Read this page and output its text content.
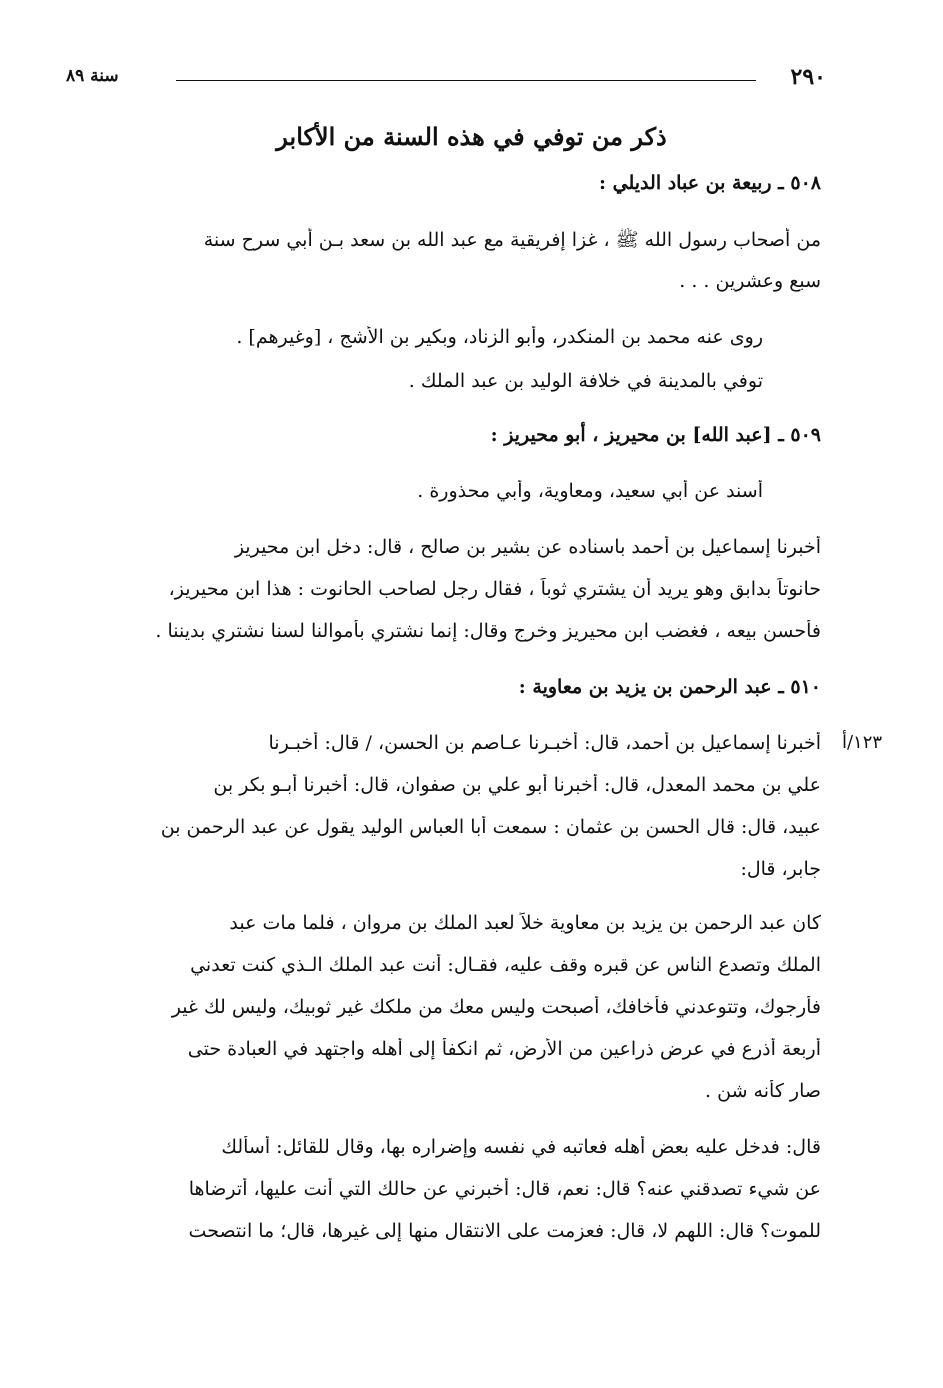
٢٩٠
سنة ٨٩
ذكر من توفي في هذه السنة من الأكابر
٥٠٨ ـ ربيعة بن عباد الديلي :
من أصحاب رسول الله ﷺ ، غزا إفريقية مع عبد الله بن سعد بـن أبي سرح سنة
سبع وعشرين . . .
روى عنه محمد بن المنكدر، وأبو الزناد، وبكير بن الأشج ، [وغيرهم] .
توفي بالمدينة في خلافة الوليد بن عبد الملك .
٥٠٩ ـ [عبد الله] بن محيريز ، أبو محيريز :
أسند عن أبي سعيد، ومعاوية، وأبي محذورة .
أخبرنا إسماعيل بن أحمد باسناده عن بشير بن صالح ، قال: دخل ابن محيريز
حانوتاً بدابق وهو يريد أن يشتري ثوباً ، فقال رجل لصاحب الحانوت : هذا ابن محيريز،
فأحسن بيعه ، فغضب ابن محيريز وخرج وقال: إنما نشتري بأموالنا لسنا نشتري بديننا .
٥١٠ ـ عبد الرحمن بن يزيد بن معاوية :
١٢٣/أ
أخبرنا إسماعيل بن أحمد، قال: أخبـرنا عـاصم بن الحسن، / قال: أخبـرنا
علي بن محمد المعدل، قال: أخبرنا أبو علي بن صفوان، قال: أخبرنا أبـو بكر بن
عبيد، قال: قال الحسن بن عثمان : سمعت أبا العباس الوليد يقول عن عبد الرحمن بن
جابر، قال:
كان عبد الرحمن بن يزيد بن معاوية خلاً لعبد الملك بن مروان ، فلما مات عبد
الملك وتصدع الناس عن قبره وقف عليه، فقـال: أنت عبد الملك الـذي كنت تعدني
فأرجوك، وتتوعدني فأخافك، أصبحت وليس معك من ملكك غير ثوبيك، وليس لك غير
أربعة أذرع في عرض ذراعين من الأرض، ثم انكفأ إلى أهله واجتهد في العبادة حتى
صار كأنه شن .
قال: فدخل عليه بعض أهله فعاتبه في نفسه وإضراره بها، وقال للقائل: أسألك
عن شيء تصدقني عنه؟ قال: نعم، قال: أخبرني عن حالك التي أنت عليها، أترضاها
للموت؟ قال: اللهم لا، قال: فعزمت على الانتقال منها إلى غيرها، قال؛ ما انتصحت
